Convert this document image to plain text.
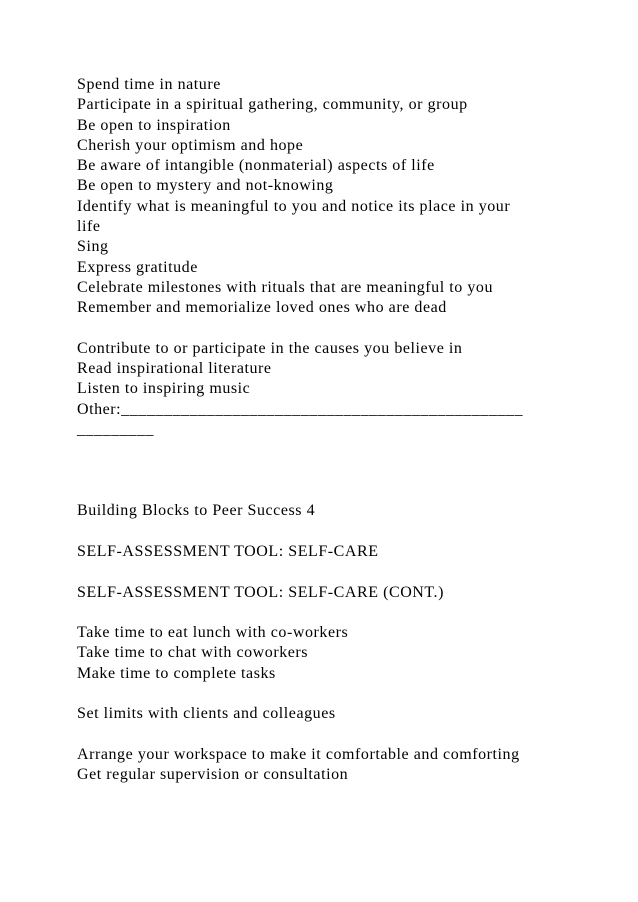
Spend time in nature
Participate in a spiritual gathering, community, or group
Be open to inspiration
Cherish your optimism and hope
Be aware of intangible (nonmaterial) aspects of life
Be open to mystery and not-knowing
Identify what is meaningful to you and notice its place in your
life
Sing
Express gratitude
Celebrate milestones with rituals that are meaningful to you
Remember and memorialize loved ones who are dead
Contribute to or participate in the causes you believe in
Read inspirational literature
Listen to inspiring music
Other:_______________________________________________
_________
Building Blocks to Peer Success 4
SELF-ASSESSMENT TOOL: SELF-CARE
SELF-ASSESSMENT TOOL: SELF-CARE (CONT.)
Take time to eat lunch with co-workers
Take time to chat with coworkers
Make time to complete tasks
Set limits with clients and colleagues
Arrange your workspace to make it comfortable and comforting
Get regular supervision or consultation
